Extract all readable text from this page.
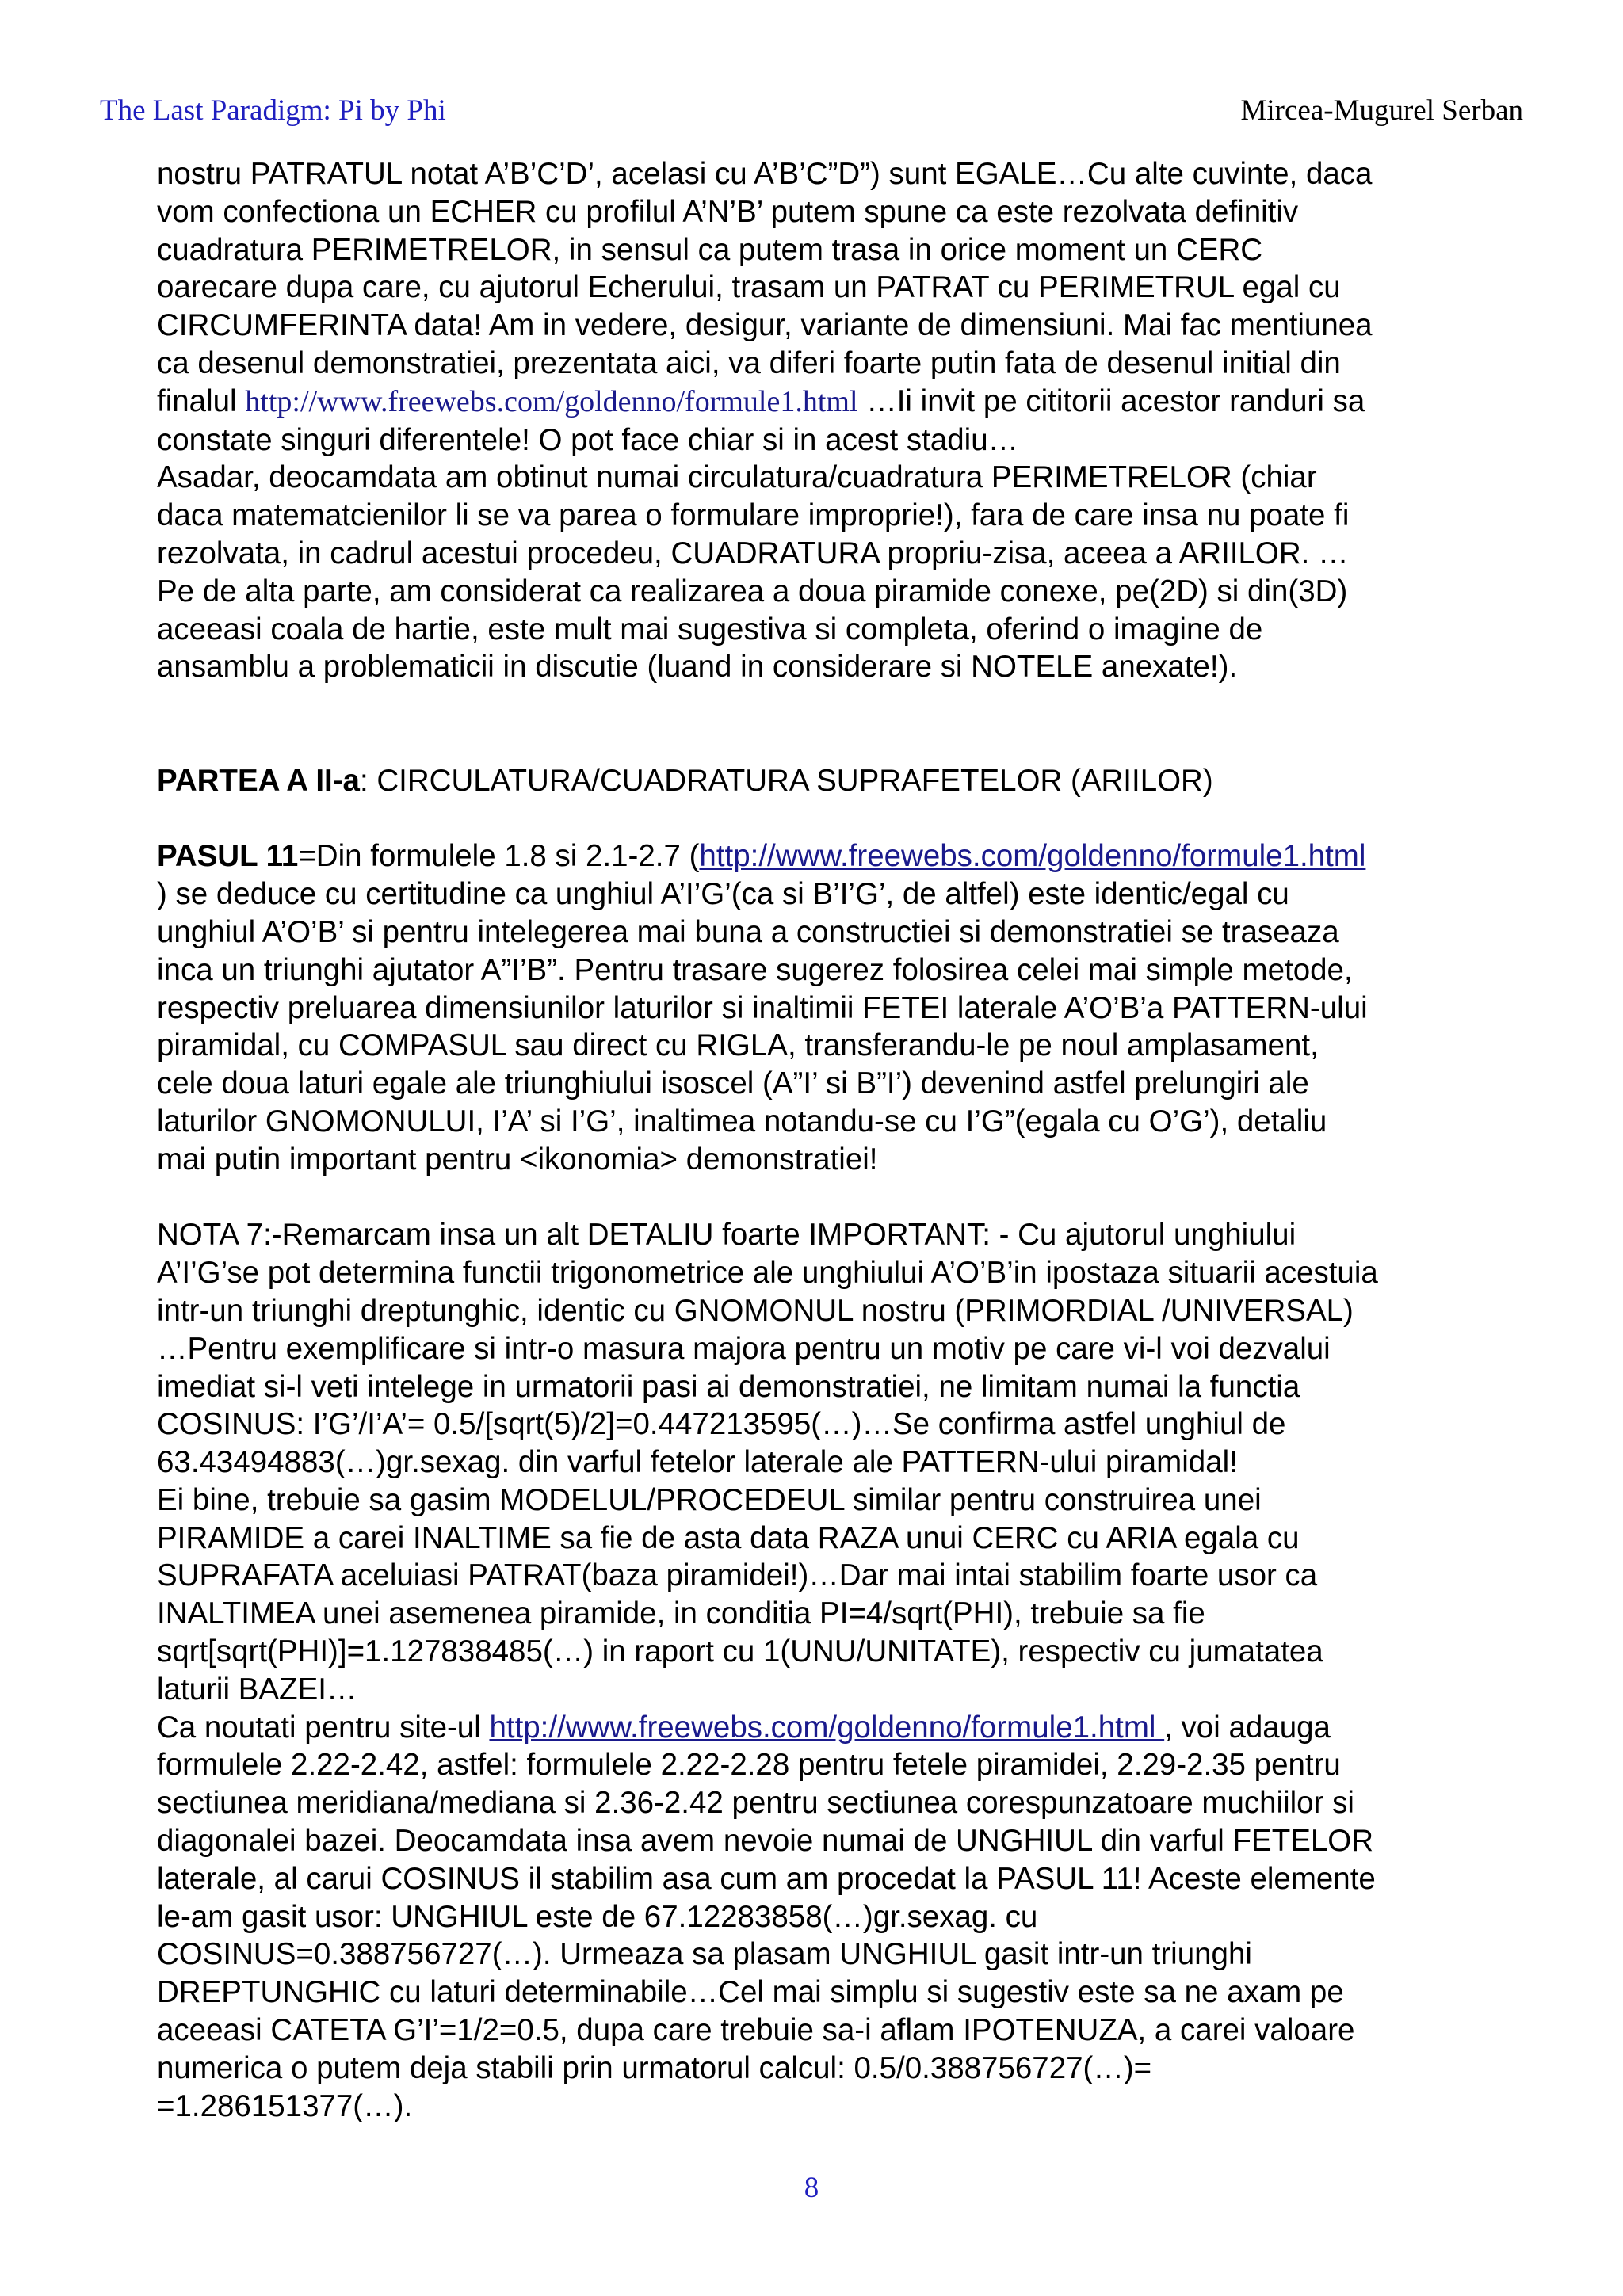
The Last Paradigm: Pi by Phi	Mircea-Mugurel Serban

nostru PATRATUL notat A’B’C’D’, acelasi cu A’B’C”D”) sunt EGALE…Cu alte cuvinte, daca

vom confectiona un ECHER cu profilul A’N’B’ putem spune ca este rezolvata definitiv

cuadratura PERIMETRELOR, in sensul ca putem trasa in orice moment un CERC

oarecare dupa care, cu ajutorul Echerului, trasam un PATRAT cu PERIMETRUL egal cu

CIRCUMFERINTA data! Am in vedere, desigur, variante de dimensiuni. Mai fac mentiunea

ca desenul demonstratiei, prezentata aici, va diferi foarte putin fata de desenul initial din

finalul http://www.freewebs.com/goldenno/formule1.html …Ii invit pe cititorii acestor randuri sa

constate singuri diferentele! O pot face chiar si in acest stadiu…

Asadar, deocamdata am obtinut numai circulatura/cuadratura PERIMETRELOR (chiar

daca matematcienilor li se va parea o formulare improprie!), fara de care insa nu poate fi

rezolvata, in cadrul acestui procedeu, CUADRATURA propriu-zisa, aceea a ARIILOR. …

Pe de alta parte, am considerat ca realizarea a doua piramide conexe, pe(2D) si din(3D)

aceeasi coala de hartie, este mult mai sugestiva si completa, oferind o imagine de

ansamblu a problematicii in discutie (luand in considerare si NOTELE anexate!).

PARTEA A II-a: CIRCULATURA/CUADRATURA SUPRAFETELOR (ARIILOR)

PASUL 11=Din formulele 1.8 si 2.1-2.7 (http://www.freewebs.com/goldenno/formule1.html

) se deduce cu certitudine ca unghiul A’I’G’(ca si B’I’G’, de altfel) este identic/egal cu

unghiul A’O’B’ si pentru intelegerea mai buna a constructiei si demonstratiei se traseaza

inca un triunghi ajutator A”I’B”. Pentru trasare sugerez folosirea celei mai simple metode,

respectiv preluarea dimensiunilor laturilor si inaltimii FETEI laterale A’O’B’a PATTERN-ului

piramidal, cu COMPASUL sau direct cu RIGLA, transferandu-le pe noul amplasament,

cele doua laturi egale ale triunghiului isoscel (A”I’ si B”I’) devenind astfel prelungiri ale

laturilor GNOMONULUI, I’A’ si I’G’, inaltimea notandu-se cu I’G”(egala cu O’G’), detaliu

mai putin important pentru <ikonomia> demonstratiei!

NOTA 7:-Remarcam insa un alt DETALIU foarte IMPORTANT: - Cu ajutorul unghiului

A’I’G’se pot determina functii trigonometrice ale unghiului A’O’B’in ipostaza situarii acestuia

intr-un triunghi dreptunghic, identic cu GNOMONUL nostru (PRIMORDIAL /UNIVERSAL)

…Pentru exemplificare si intr-o masura majora pentru un motiv pe care vi-l voi dezvalui

imediat si-l veti intelege in urmatorii pasi ai demonstratiei, ne limitam numai la functia

COSINUS: I’G’/I’A’= 0.5/[sqrt(5)/2]=0.447213595(…)…Se confirma astfel unghiul de

63.43494883(…)gr.sexag. din varful fetelor laterale ale PATTERN-ului piramidal!

Ei bine, trebuie sa gasim MODELUL/PROCEDEUL similar pentru construirea unei

PIRAMIDE a carei INALTIME sa fie de asta data RAZA unui CERC cu ARIA egala cu

SUPRAFATA aceluiasi PATRAT(baza piramidei!)…Dar mai intai stabilim foarte usor ca

INALTIMEA unei asemenea piramide, in conditia PI=4/sqrt(PHI), trebuie sa fie

sqrt[sqrt(PHI)]=1.127838485(…) in raport cu 1(UNU/UNITATE), respectiv cu jumatatea

laturii BAZEI…

Ca noutati pentru site-ul http://www.freewebs.com/goldenno/formule1.html , voi adauga

formulele 2.22-2.42, astfel: formulele 2.22-2.28 pentru fetele piramidei, 2.29-2.35 pentru

sectiunea meridiana/mediana si 2.36-2.42 pentru sectiunea corespunzatoare muchiilor si

diagonalei bazei. Deocamdata insa avem nevoie numai de UNGHIUL din varful FETELOR

laterale, al carui COSINUS il stabilim asa cum am procedat la PASUL 11! Aceste elemente

le-am gasit usor: UNGHIUL este de 67.12283858(…)gr.sexag. cu

COSINUS=0.388756727(…). Urmeaza sa plasam UNGHIUL gasit intr-un triunghi

DREPTUNGHIC cu laturi determinabile…Cel mai simplu si sugestiv este sa ne axam pe

aceeasi CATETA G’I’=1/2=0.5, dupa care trebuie sa-i aflam IPOTENUZA, a carei valoare

numerica o putem deja stabili prin urmatorul calcul: 0.5/0.388756727(…)=

=1.286151377(…).

8
